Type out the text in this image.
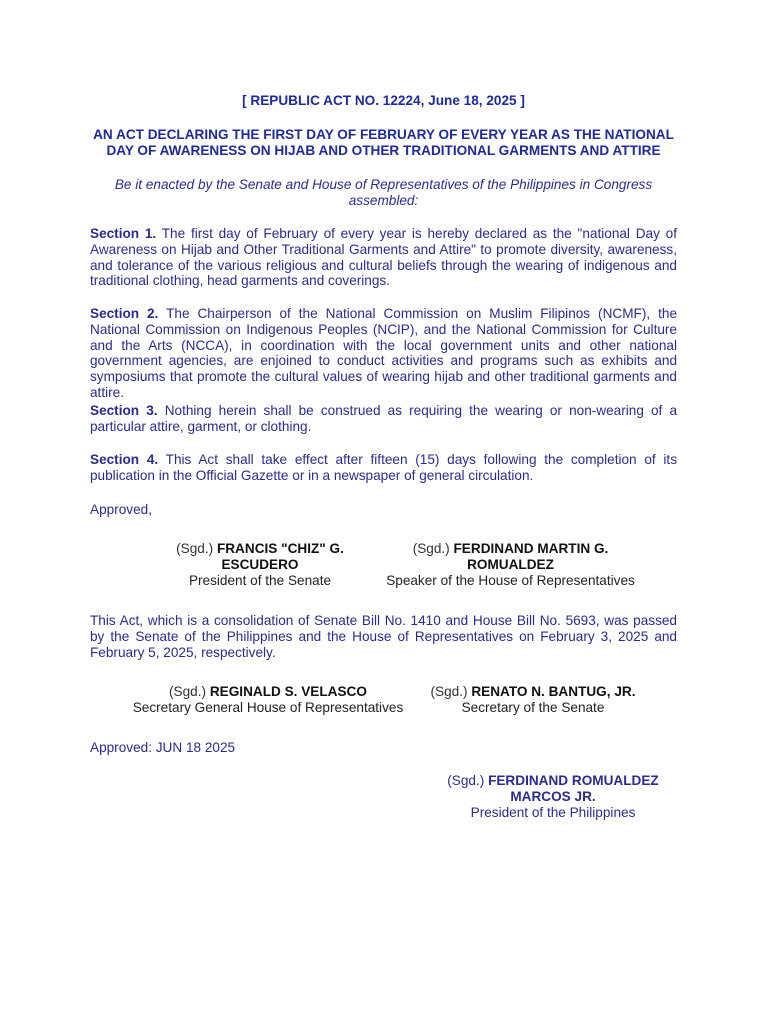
[ REPUBLIC ACT NO. 12224, June 18, 2025 ]
AN ACT DECLARING THE FIRST DAY OF FEBRUARY OF EVERY YEAR AS THE NATIONAL
DAY OF AWARENESS ON HIJAB AND OTHER TRADITIONAL GARMENTS AND ATTIRE
Be it enacted by the Senate and House of Representatives of the Philippines in Congress assembled:
Section 1. The first day of February of every year is hereby declared as the "national Day of Awareness on Hijab and Other Traditional Garments and Attire" to promote diversity, awareness, and tolerance of the various religious and cultural beliefs through the wearing of indigenous and traditional clothing, head garments and coverings.
Section 2. The Chairperson of the National Commission on Muslim Filipinos (NCMF), the National Commission on Indigenous Peoples (NCIP), and the National Commission for Culture and the Arts (NCCA), in coordination with the local government units and other national government agencies, are enjoined to conduct activities and programs such as exhibits and symposiums that promote the cultural values of wearing hijab and other traditional garments and attire.
Section 3. Nothing herein shall be construed as requiring the wearing or non-wearing of a particular attire, garment, or clothing.
Section 4. This Act shall take effect after fifteen (15) days following the completion of its publication in the Official Gazette or in a newspaper of general circulation.
Approved,
(Sgd.) FRANCIS "CHIZ" G.
ESCUDERO
President of the Senate
(Sgd.) FERDINAND MARTIN G.
ROMUALDEZ
Speaker of the House of Representatives
This Act, which is a consolidation of Senate Bill No. 1410 and House Bill No. 5693, was passed by the Senate of the Philippines and the House of Representatives on February 3, 2025 and February 5, 2025, respectively.
(Sgd.) REGINALD S. VELASCO
Secretary General House of Representatives
(Sgd.) RENATO N. BANTUG, JR.
Secretary of the Senate
Approved: JUN 18 2025
(Sgd.) FERDINAND ROMUALDEZ
MARCOS JR.
President of the Philippines
